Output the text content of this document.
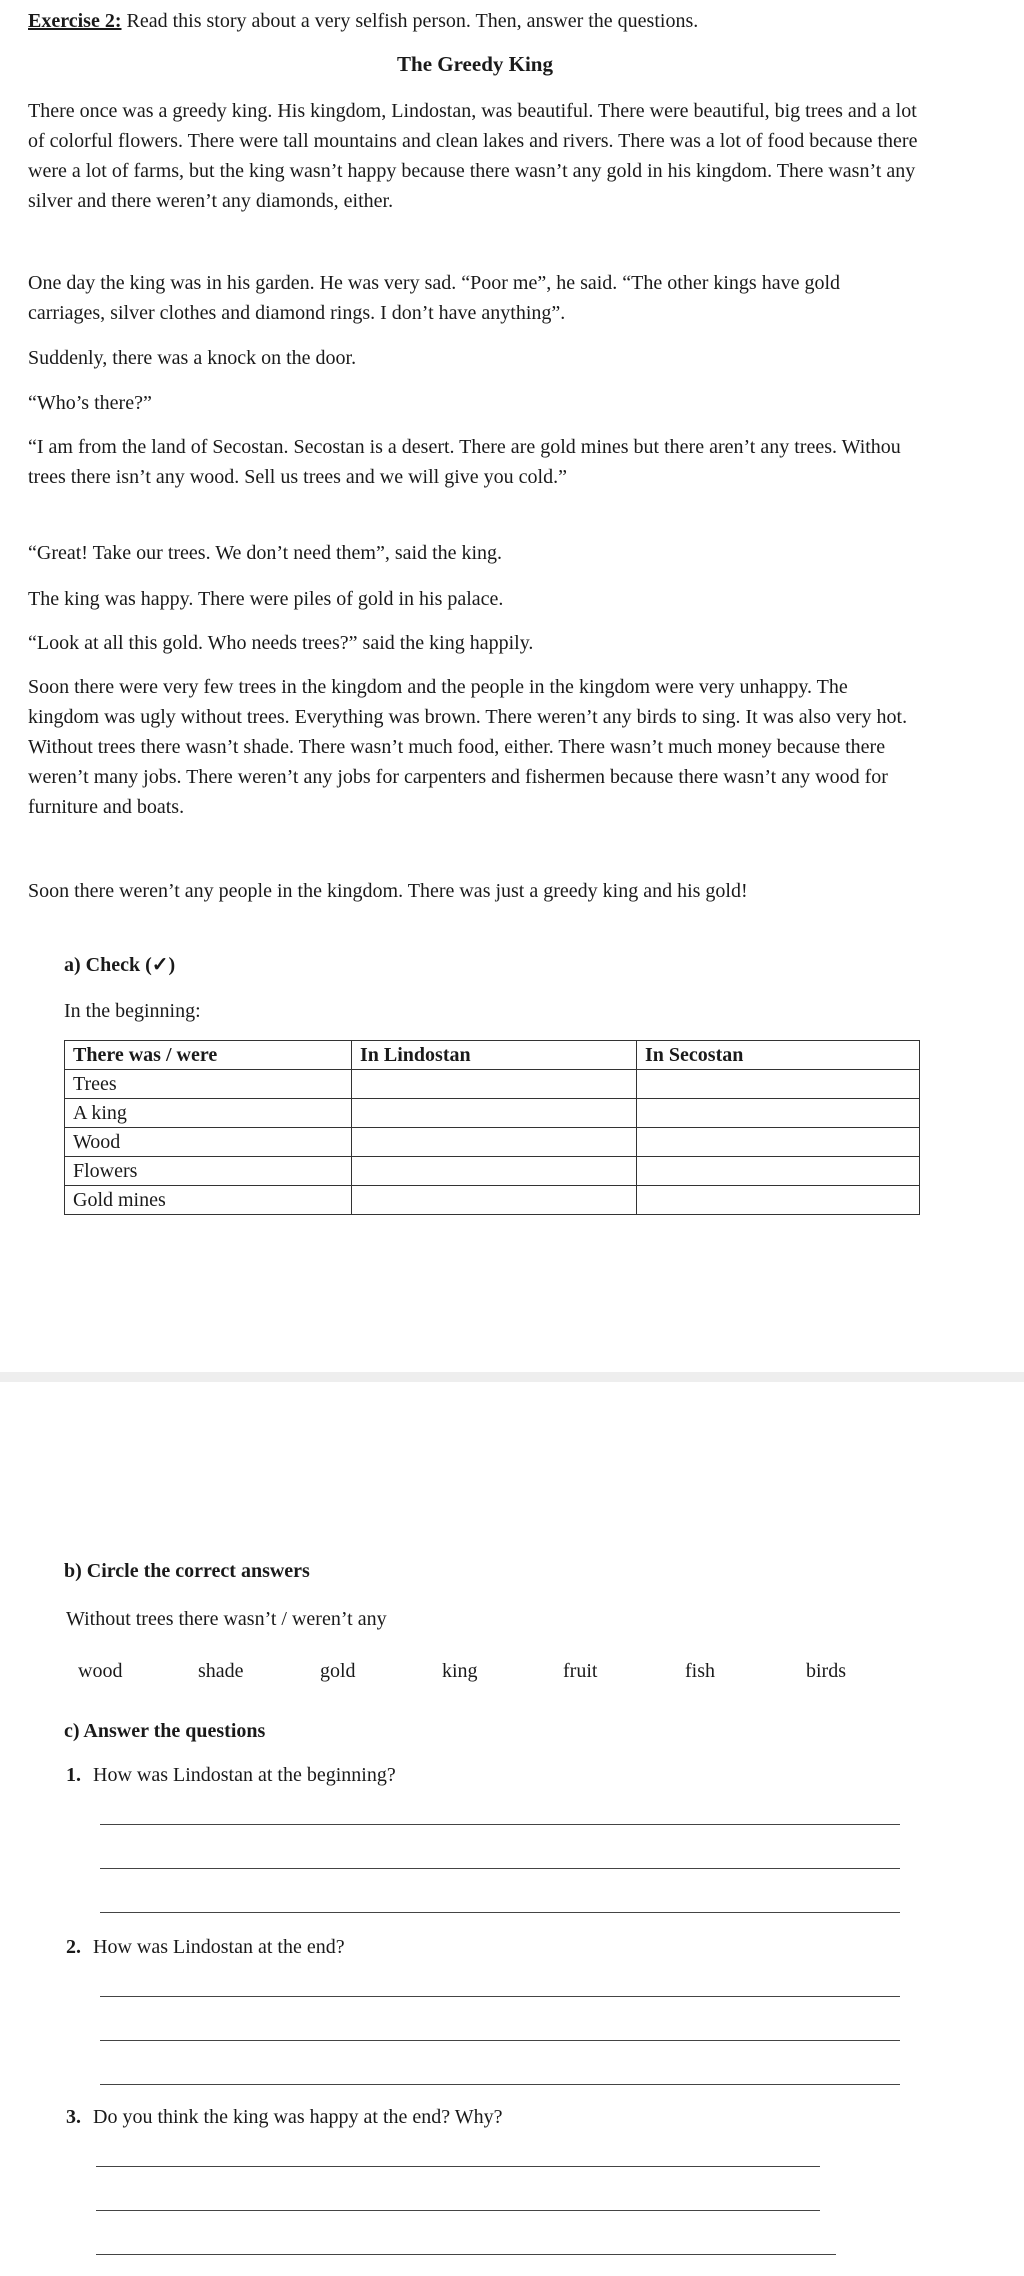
Exercise 2: Read this story about a very selfish person. Then, answer the questions.
The Greedy King

There once was a greedy king. His kingdom, Lindostan, was beautiful. There were beautiful, big trees and a lot of colorful flowers. There were tall mountains and clean lakes and rivers. There was a lot of food because there were a lot of farms, but the king wasn’t happy because there wasn’t any gold in his kingdom. There wasn’t any silver and there weren’t any diamonds, either.

One day the king was in his garden. He was very sad. “Poor me”, he said. “The other kings have gold carriages, silver clothes and diamond rings. I don’t have anything”.

Suddenly, there was a knock on the door.

“Who’s there?”

“I am from the land of Secostan. Secostan is a desert. There are gold mines but there aren’t any trees. Withou trees there isn’t any wood. Sell us trees and we will give you cold.”

“Great! Take our trees. We don’t need them”, said the king.

The king was happy. There were piles of gold in his palace.

“Look at all this gold. Who needs trees?” said the king happily.

Soon there were very few trees in the kingdom and the people in the kingdom were very unhappy. The kingdom was ugly without trees. Everything was brown. There weren’t any birds to sing. It was also very hot. Without trees there wasn’t shade. There wasn’t much food, either. There wasn’t much money because there weren’t many jobs. There weren’t any jobs for carpenters and fishermen because there wasn’t any wood for furniture and boats.

Soon there weren’t any people in the kingdom. There was just a greedy king and his gold!

a) Check (✓)
In the beginning:
There was / were	In Lindostan	In Secostan
Trees		
A king		
Wood		
Flowers		
Gold mines		
b) Circle the correct answers
Without trees there wasn’t / weren’t any
wood	shade	gold	king	fruit	fish	birds
c) Answer the questions
1. How was Lindostan at the beginning?
2. How was Lindostan at the end?
3. Do you think the king was happy at the end? Why?
